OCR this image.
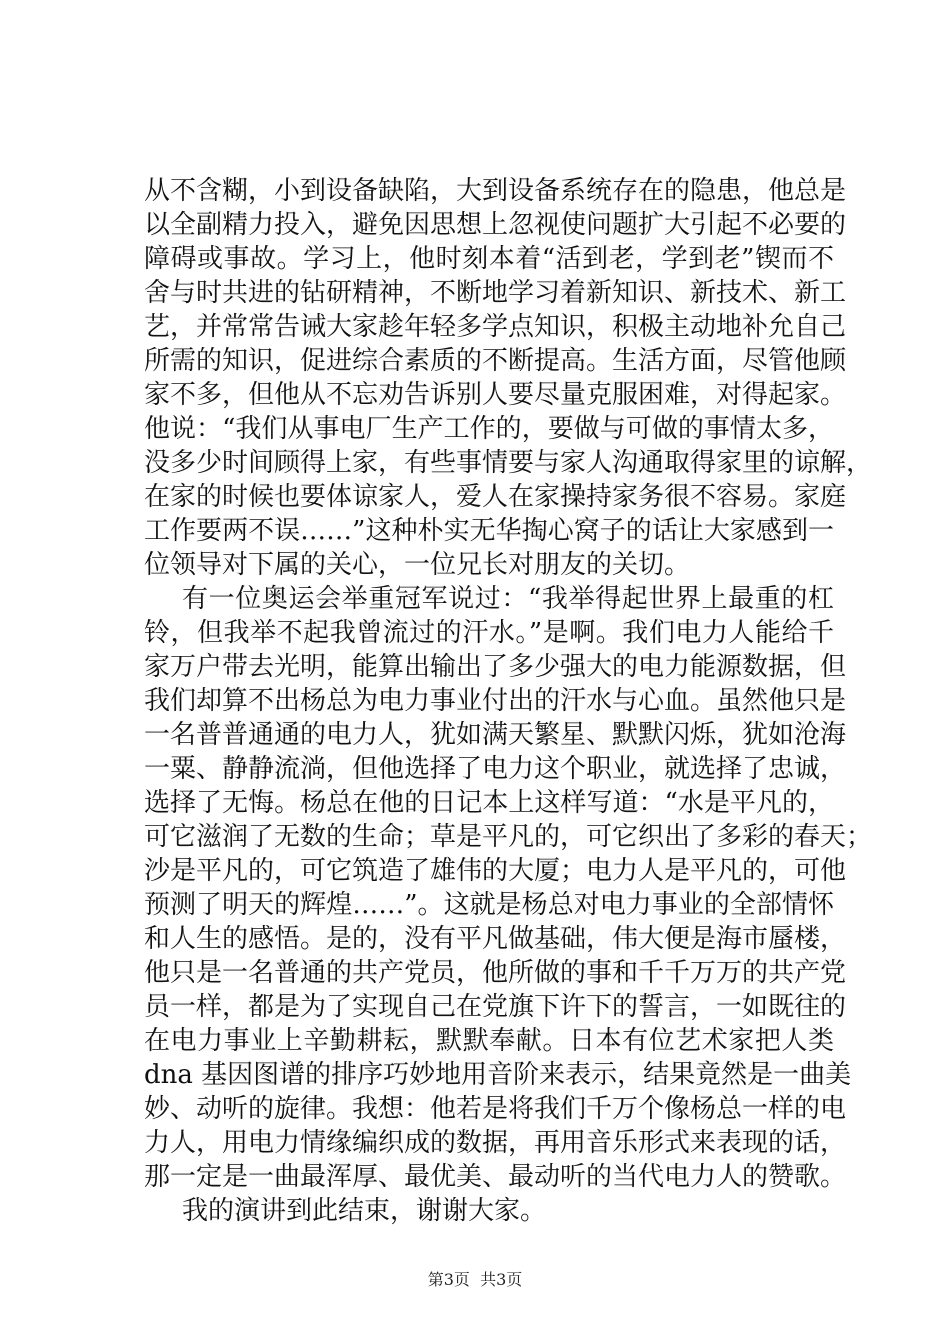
从不含糊，小到设备缺陷，大到设备系统存在的隐患，他总是
以全副精力投入，避免因思想上忽视使问题扩大引起不必要的
障碍或事故。学习上，他时刻本着“活到老，学到老”锲而不
舍与时共进的钻研精神，不断地学习着新知识、新技术、新工
艺，并常常告诫大家趁年轻多学点知识，积极主动地补允自己
所需的知识，促进综合素质的不断提高。生活方面，尽管他顾
家不多，但他从不忘劝告诉别人要尽量克服困难，对得起家。
他说：“我们从事电厂生产工作的，要做与可做的事情太多，
没多少时间顾得上家，有些事情要与家人沟通取得家里的谅解，
在家的时候也要体谅家人，爱人在家操持家务很不容易。家庭
工作要两不误……”这种朴实无华掏心窝子的话让大家感到一
位领导对下属的关心，一位兄长对朋友的关切。
有一位奥运会举重冠军说过：“我举得起世界上最重的杠
铃，但我举不起我曾流过的汗水。”是啊。我们电力人能给千
家万户带去光明，能算出输出了多少强大的电力能源数据，但
我们却算不出杨总为电力事业付出的汗水与心血。虽然他只是
一名普普通通的电力人，犹如满天繁星、默默闪烁，犹如沧海
一粟、静静流淌，但他选择了电力这个职业，就选择了忠诚，
选择了无悔。杨总在他的日记本上这样写道：“水是平凡的，
可它滋润了无数的生命；草是平凡的，可它织出了多彩的春天；
沙是平凡的，可它筑造了雄伟的大厦；电力人是平凡的，可他
预测了明天的辉煌……”。这就是杨总对电力事业的全部情怀
和人生的感悟。是的，没有平凡做基础，伟大便是海市蜃楼，
他只是一名普通的共产党员，他所做的事和千千万万的共产党
员一样，都是为了实现自己在党旗下许下的誓言，一如既往的
在电力事业上辛勤耕耘，默默奉献。日本有位艺术家把人类
dna 基因图谱的排序巧妙地用音阶来表示，结果竟然是一曲美
妙、动听的旋律。我想：他若是将我们千万个像杨总一样的电
力人，用电力情缘编织成的数据，再用音乐形式来表现的话，
那一定是一曲最浑厚、最优美、最动听的当代电力人的赞歌。
我的演讲到此结束，谢谢大家。
第3页  共3页
